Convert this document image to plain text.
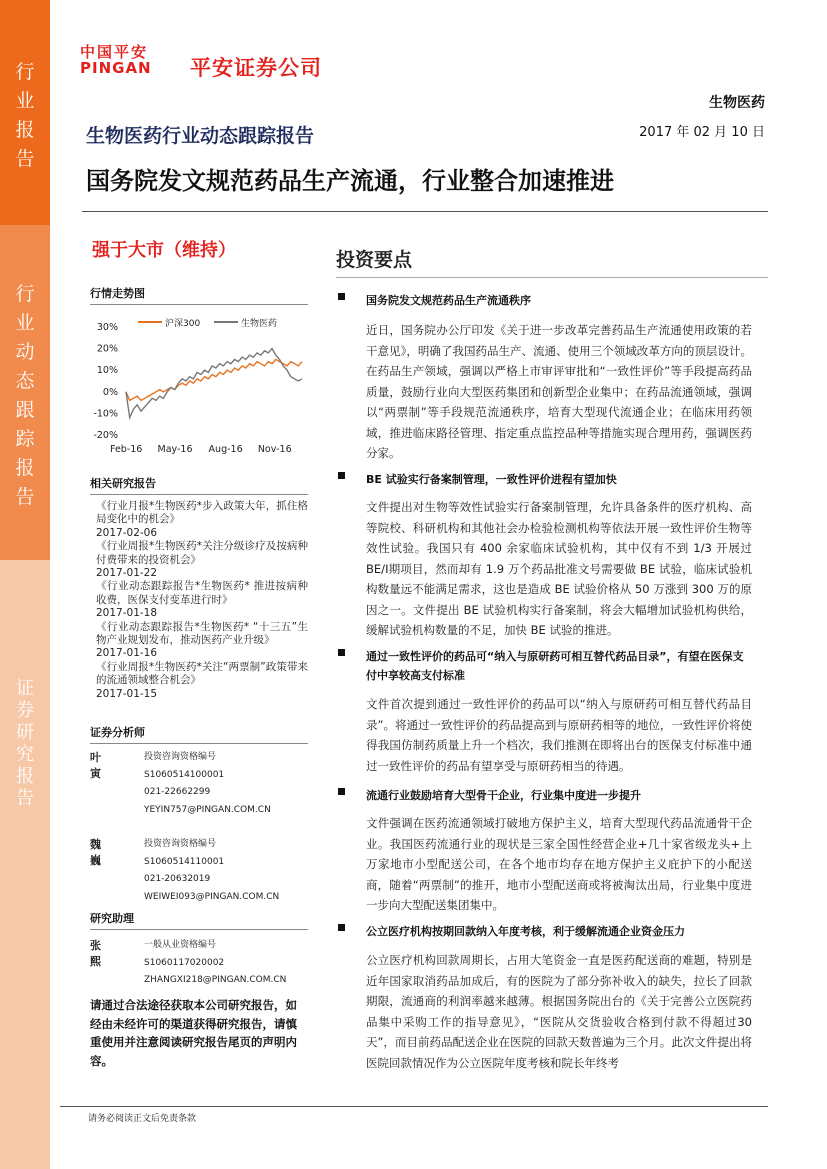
行
业
报
告
行
业
动
态
跟
踪
报
告
证
券
研
究
报
告
中国平安
PINGAN	平安证券公司
生物医药
生物医药行业动态跟踪报告	2017 年 02 月 10 日
国务院发文规范药品生产流通，行业整合加速推进
强于大市（维持）
行情走势图
沪深300	生物医药
30%
20%
10%
0%
-10%
-20%
Feb-16 May-16 Aug-16 Nov-16
相关研究报告
《行业月报*生物医药*步入政策大年，抓住格局变化中的机会》
2017-02-06
《行业周报*生物医药*关注分级诊疗及按病种付费带来的投资机会》
2017-01-22
《行业动态跟踪报告*生物医药* 推进按病种收费，医保支付变革进行时》
2017-01-18
《行业动态跟踪报告*生物医药* “十三五”生物产业规划发布，推动医药产业升级》
2017-01-16
《行业周报*生物医药*关注“两票制”政策带来的流通领域整合机会》
2017-01-15
证券分析师
叶寅
投资咨询资格编号
S1060514100001
021-22662299
YEYIN757@PINGAN.COM.CN
魏巍
投资咨询资格编号
S1060514110001
021-20632019
WEIWEI093@PINGAN.COM.CN
研究助理
张熙
一般从业资格编号
S1060117020002
ZHANGXI218@PINGAN.COM.CN
请通过合法途径获取本公司研究报告，如经由未经许可的渠道获得研究报告，请慎重使用并注意阅读研究报告尾页的声明内容。
投资要点
国务院发文规范药品生产流通秩序
近日，国务院办公厅印发《关于进一步改革完善药品生产流通使用政策的若干意见》，明确了我国药品生产、流通、使用三个领域改革方向的顶层设计。在药品生产领域，强调以严格上市审评审批和“一致性评价”等手段提高药品质量，鼓励行业向大型医药集团和创新型企业集中；在药品流通领域，强调以“两票制”等手段规范流通秩序，培育大型现代流通企业；在临床用药领域，推进临床路径管理、指定重点监控品种等措施实现合理用药，强调医药分家。
BE 试验实行备案制管理，一致性评价进程有望加快
文件提出对生物等效性试验实行备案制管理，允许具备条件的医疗机构、高等院校、科研机构和其他社会办检验检测机构等依法开展一致性评价生物等效性试验。我国只有 400 余家临床试验机构，其中仅有不到 1/3 开展过 BE/Ⅰ期项目，然而却有 1.9 万个药品批准文号需要做 BE 试验，临床试验机构数量远不能满足需求，这也是造成 BE 试验价格从 50 万涨到 300 万的原因之一。文件提出 BE 试验机构实行备案制，将会大幅增加试验机构供给，缓解试验机构数量的不足，加快 BE 试验的推进。
通过一致性评价的药品可“纳入与原研药可相互替代药品目录”，有望在医保支付中享较高支付标准
文件首次提到通过一致性评价的药品可以“纳入与原研药可相互替代药品目录”。将通过一致性评价的药品提高到与原研药相等的地位，一致性评价将使得我国仿制药质量上升一个档次，我们推测在即将出台的医保支付标准中通过一致性评价的药品有望享受与原研药相当的待遇。
流通行业鼓励培育大型骨干企业，行业集中度进一步提升
文件强调在医药流通领域打破地方保护主义，培育大型现代药品流通骨干企业。我国医药流通行业的现状是三家全国性经营企业+几十家省级龙头+上万家地市小型配送公司，在各个地市均存在地方保护主义庇护下的小配送商，随着“两票制”的推开，地市小型配送商或将被淘汰出局，行业集中度进一步向大型配送集团集中。
公立医疗机构按期回款纳入年度考核，利于缓解流通企业资金压力
公立医疗机构回款周期长，占用大笔资金一直是医药配送商的难题，特别是近年国家取消药品加成后，有的医院为了部分弥补收入的缺失，拉长了回款期限，流通商的利润率越来越薄。根据国务院出台的《关于完善公立医院药品集中采购工作的指导意见》，“医院从交货验收合格到付款不得超过30天”，而目前药品配送企业在医院的回款天数普遍为三个月。此次文件提出将医院回款情况作为公立医院年度考核和院长年终考
请务必阅读正文后免责条款
